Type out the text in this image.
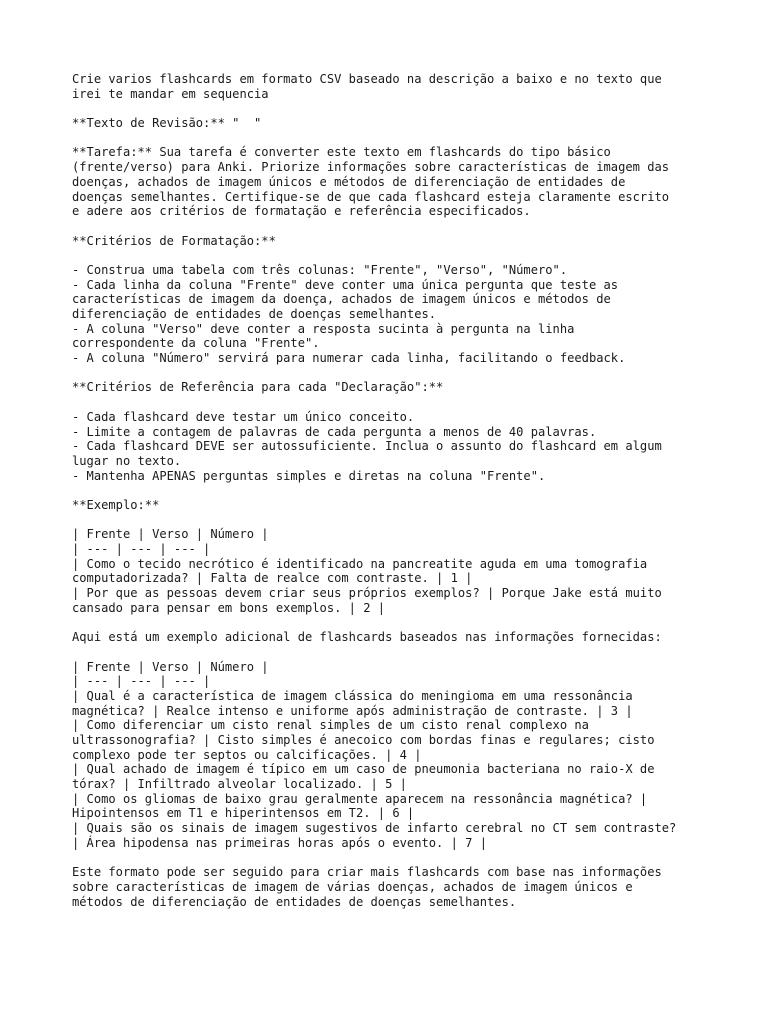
Crie varios flashcards em formato CSV baseado na descrição a baixo e no texto que
irei te mandar em sequencia
**Texto de Revisão:** "  "
**Tarefa:** Sua tarefa é converter este texto em flashcards do tipo básico
(frente/verso) para Anki. Priorize informações sobre características de imagem das
doenças, achados de imagem únicos e métodos de diferenciação de entidades de
doenças semelhantes. Certifique-se de que cada flashcard esteja claramente escrito
e adere aos critérios de formatação e referência especificados.
**Critérios de Formatação:**
- Construa uma tabela com três colunas: "Frente", "Verso", "Número".
- Cada linha da coluna "Frente" deve conter uma única pergunta que teste as
características de imagem da doença, achados de imagem únicos e métodos de
diferenciação de entidades de doenças semelhantes.
- A coluna "Verso" deve conter a resposta sucinta à pergunta na linha
correspondente da coluna "Frente".
- A coluna "Número" servirá para numerar cada linha, facilitando o feedback.
**Critérios de Referência para cada "Declaração":**
- Cada flashcard deve testar um único conceito.
- Limite a contagem de palavras de cada pergunta a menos de 40 palavras.
- Cada flashcard DEVE ser autossuficiente. Inclua o assunto do flashcard em algum
lugar no texto.
- Mantenha APENAS perguntas simples e diretas na coluna "Frente".
**Exemplo:**
| Frente | Verso | Número |
| --- | --- | --- |
| Como o tecido necrótico é identificado na pancreatite aguda em uma tomografia
computadorizada? | Falta de realce com contraste. | 1 |
| Por que as pessoas devem criar seus próprios exemplos? | Porque Jake está muito
cansado para pensar em bons exemplos. | 2 |
Aqui está um exemplo adicional de flashcards baseados nas informações fornecidas:
| Frente | Verso | Número |
| --- | --- | --- |
| Qual é a característica de imagem clássica do meningioma em uma ressonância
magnética? | Realce intenso e uniforme após administração de contraste. | 3 |
| Como diferenciar um cisto renal simples de um cisto renal complexo na
ultrassonografia? | Cisto simples é anecoico com bordas finas e regulares; cisto
complexo pode ter septos ou calcificações. | 4 |
| Qual achado de imagem é típico em um caso de pneumonia bacteriana no raio-X de
tórax? | Infiltrado alveolar localizado. | 5 |
| Como os gliomas de baixo grau geralmente aparecem na ressonância magnética? |
Hipointensos em T1 e hiperintensos em T2. | 6 |
| Quais são os sinais de imagem sugestivos de infarto cerebral no CT sem contraste?
| Área hipodensa nas primeiras horas após o evento. | 7 |
Este formato pode ser seguido para criar mais flashcards com base nas informações
sobre características de imagem de várias doenças, achados de imagem únicos e
métodos de diferenciação de entidades de doenças semelhantes.
